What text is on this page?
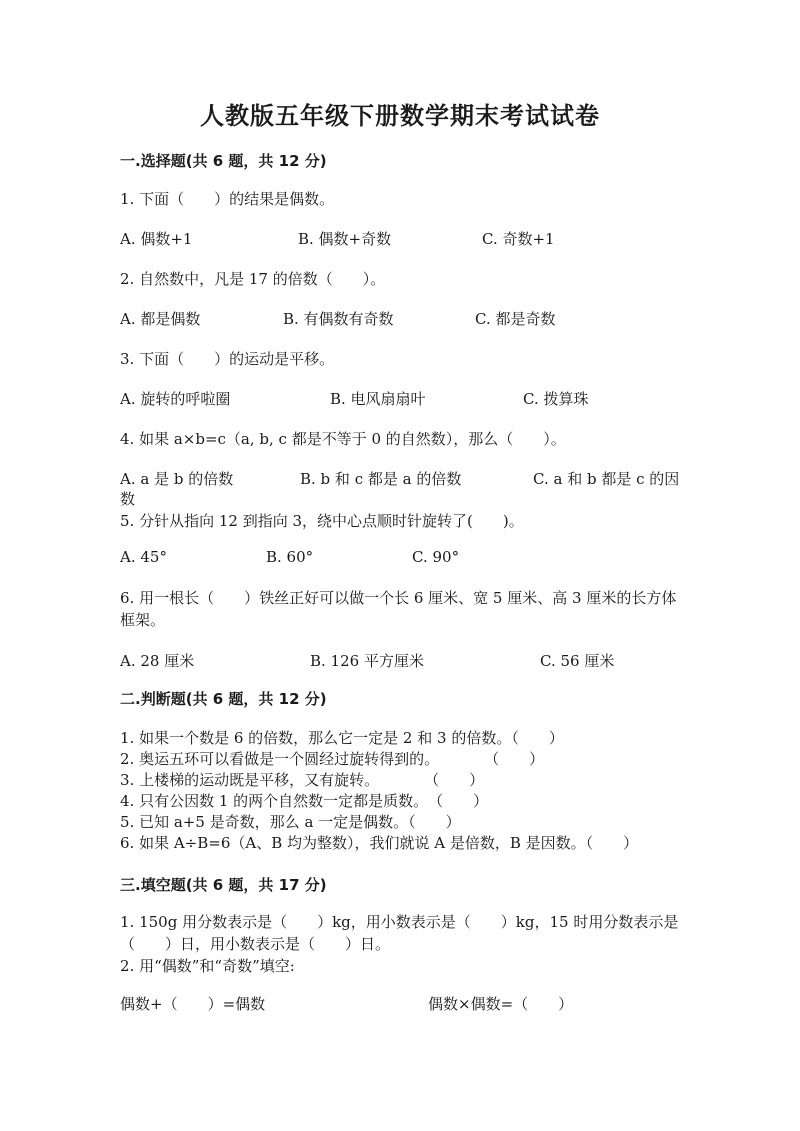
人教版五年级下册数学期末考试试卷
一.选择题(共 6 题，共 12 分)
1. 下面（　　）的结果是偶数。
A. 偶数+1	B. 偶数+奇数	C. 奇数+1
2. 自然数中，凡是 17 的倍数（　　）。
A. 都是偶数	B. 有偶数有奇数	C. 都是奇数
3. 下面（　　）的运动是平移。
A. 旋转的呼啦圈	B. 电风扇扇叶	C. 拨算珠
4. 如果 a×b=c（a, b, c 都是不等于 0 的自然数），那么（　　）。
A. a 是 b 的倍数	B. b 和 c 都是 a 的倍数	C. a 和 b 都是 c 的因
数
5. 分针从指向 12 到指向 3，绕中心点顺时针旋转了(　　)。
A. 45°	B. 60°	C. 90°
6. 用一根长（　　）铁丝正好可以做一个长 6 厘米、宽 5 厘米、高 3 厘米的长方体框架。
A. 28 厘米	B. 126 平方厘米	C. 56 厘米
二.判断题(共 6 题，共 12 分)
1. 如果一个数是 6 的倍数，那么它一定是 2 和 3 的倍数。（　　）
2. 奥运五环可以看做是一个圆经过旋转得到的。　　　　（　　）
3. 上楼梯的运动既是平移，又有旋转。　　　　（　　）
4. 只有公因数 1 的两个自然数一定都是质数。　（　　）
5. 已知 a+5 是奇数，那么 a 一定是偶数。（　　）
6. 如果 A÷B=6（A、B 均为整数），我们就说 A 是倍数，B 是因数。（　　）
三.填空题(共 6 题，共 17 分)
1. 150g 用分数表示是（　　）kg，用小数表示是（　　）kg，15 时用分数表示是（　　）日，用小数表示是（　　）日。
2. 用“偶数”和“奇数”填空:
偶数+（　　）=偶数	偶数×偶数=（　　）
